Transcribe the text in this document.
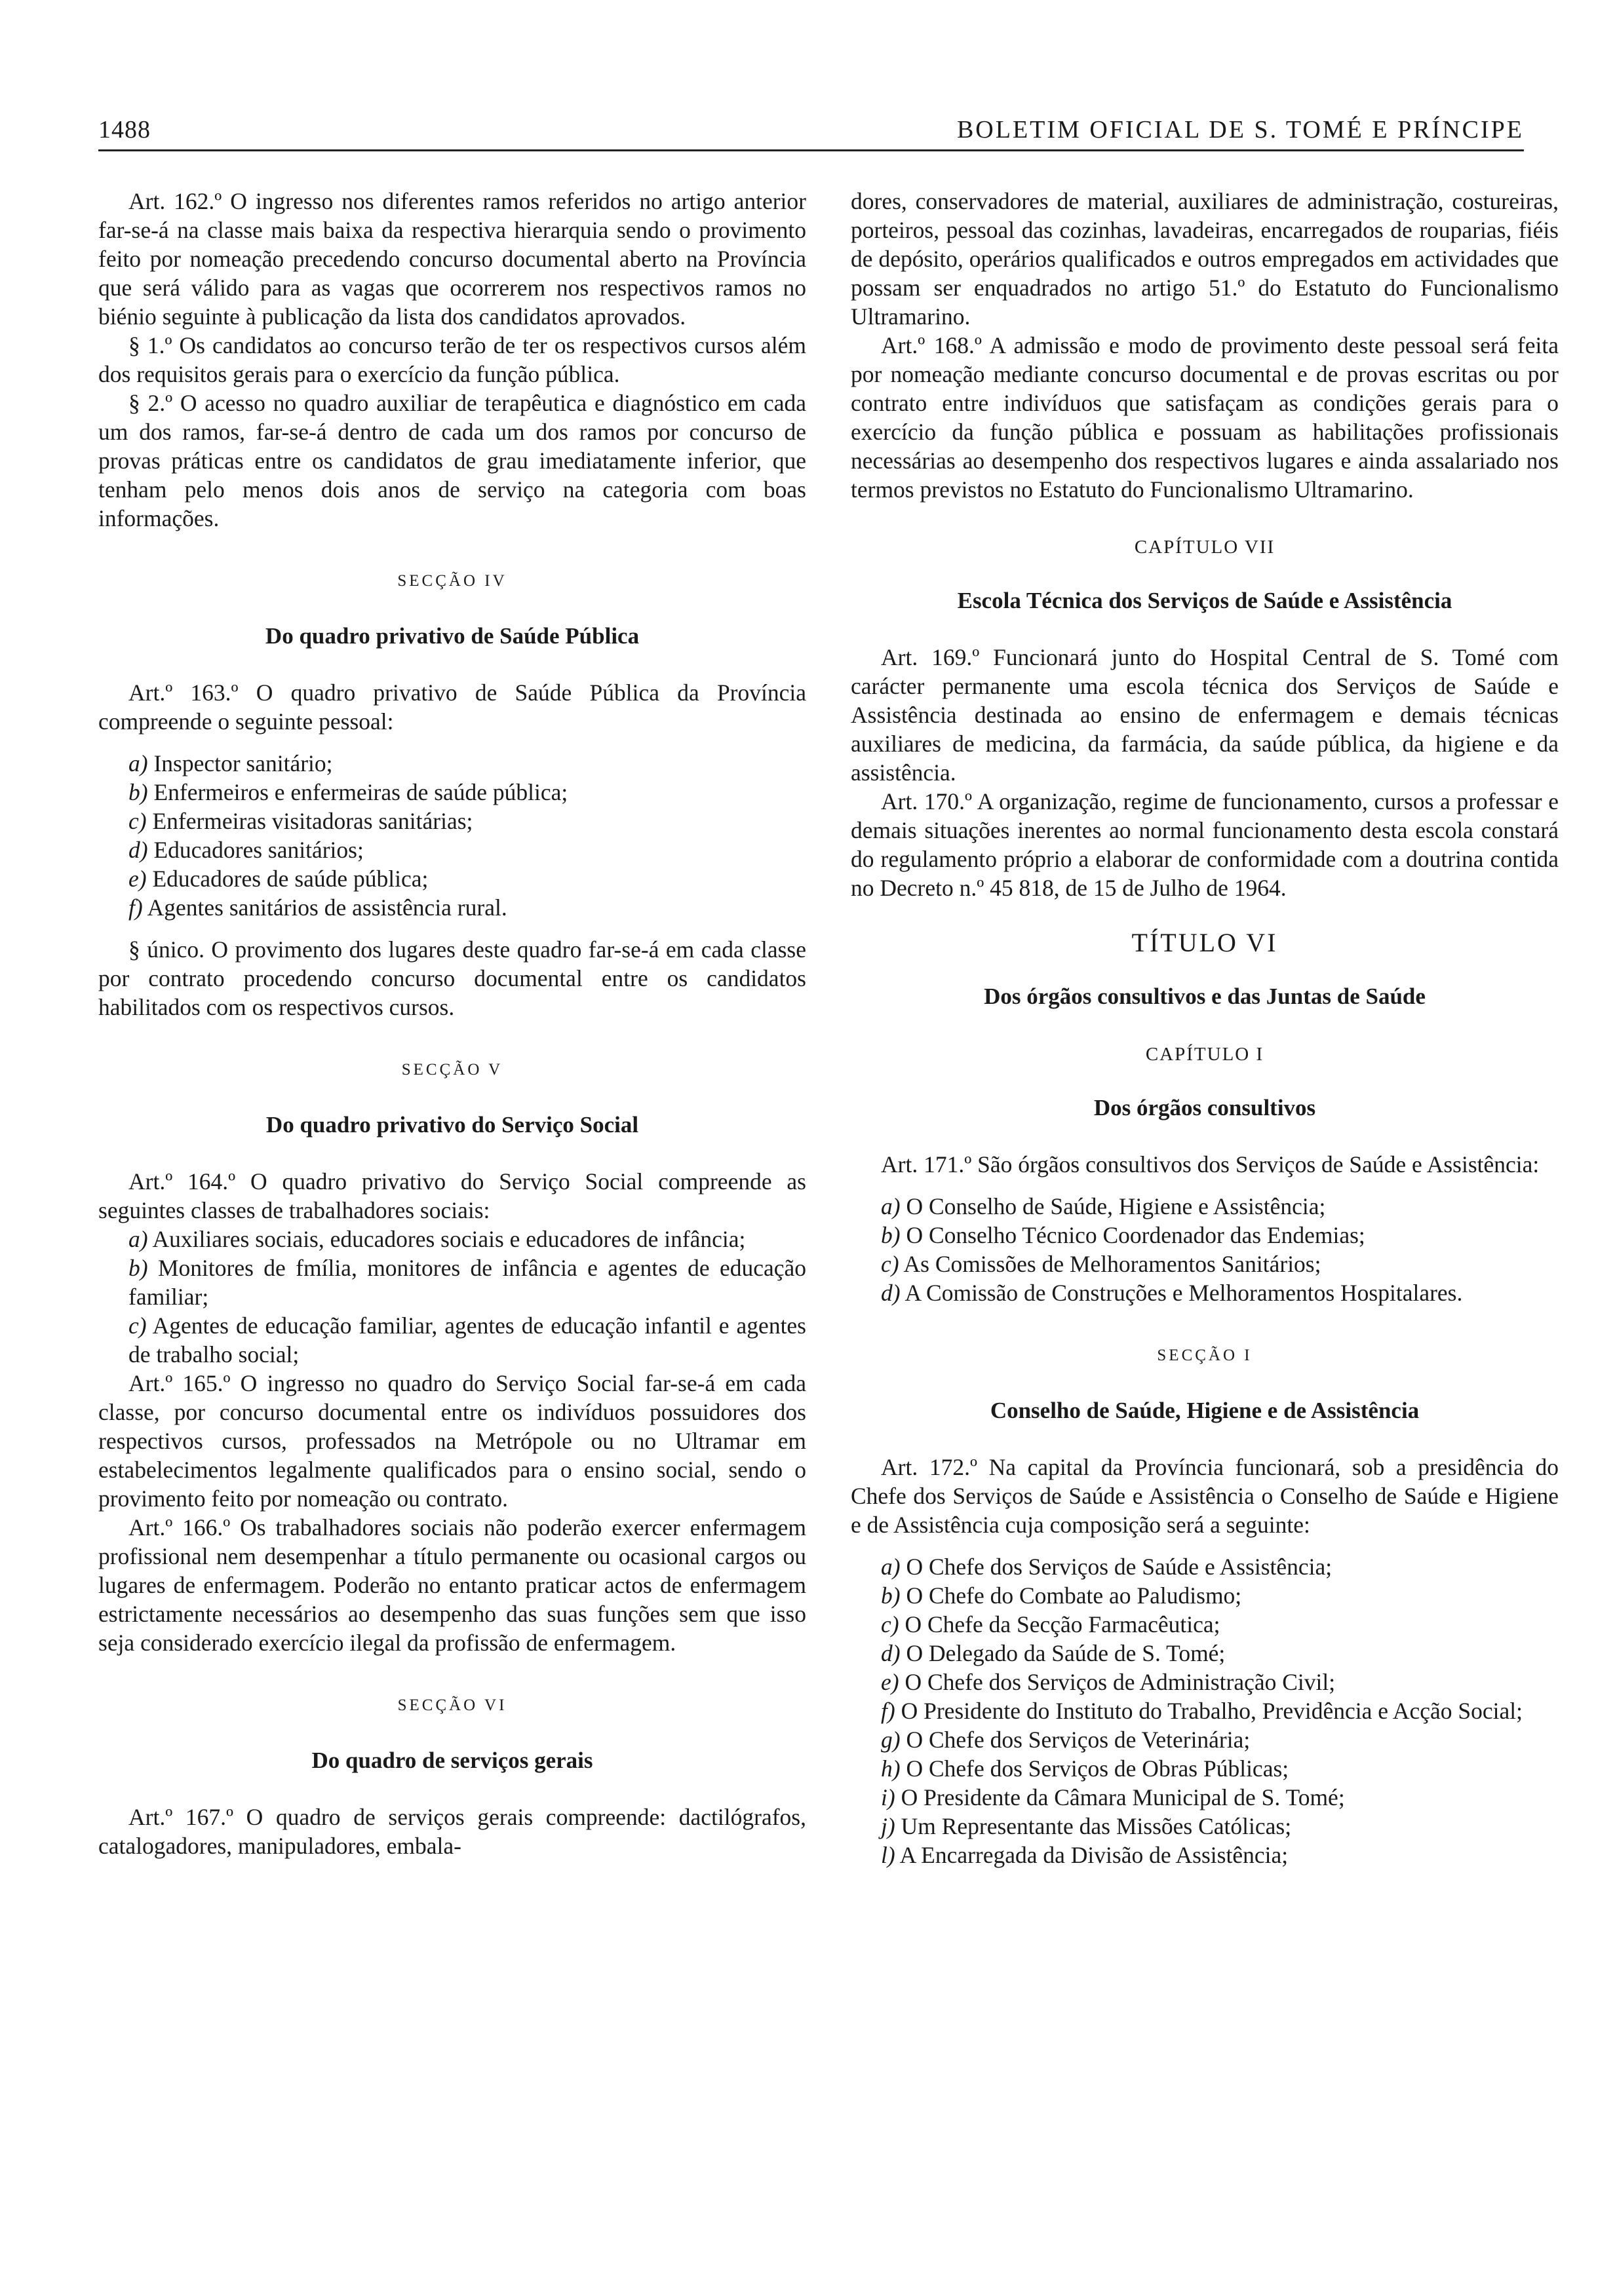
1488	BOLETIM OFICIAL DE S. TOMÉ E PRÍNCIPE

Art. 162.º O ingresso nos diferentes ramos referidos no artigo anterior far-se-á na classe mais baixa da respectiva hierarquia sendo o provimento feito por nomeação precedendo concurso documental aberto na Província que será válido para as vagas que ocorrerem nos respectivos ramos no biénio seguinte à publicação da lista dos candidatos aprovados.

§ 1.º Os candidatos ao concurso terão de ter os respectivos cursos além dos requisitos gerais para o exercício da função pública.

§ 2.º O acesso no quadro auxiliar de terapêutica e diagnóstico em cada um dos ramos, far-se-á dentro de cada um dos ramos por concurso de provas práticas entre os candidatos de grau imediatamente inferior, que tenham pelo menos dois anos de serviço na categoria com boas informações.

SECÇÃO IV
Do quadro privativo de Saúde Pública

Art.º 163.º O quadro privativo de Saúde Pública da Província compreende o seguinte pessoal:

a) Inspector sanitário;
b) Enfermeiros e enfermeiras de saúde pública;
c) Enfermeiras visitadoras sanitárias;
d) Educadores sanitários;
e) Educadores de saúde pública;
f) Agentes sanitários de assistência rural.

§ único. O provimento dos lugares deste quadro far-se-á em cada classe por contrato procedendo concurso documental entre os candidatos habilitados com os respectivos cursos.

SECÇÃO V
Do quadro privativo do Serviço Social

Art.º 164.º O quadro privativo do Serviço Social compreende as seguintes classes de trabalhadores sociais:

a) Auxiliares sociais, educadores sociais e educadores de infância;
b) Monitores de fmília, monitores de infância e agentes de educação familiar;
c) Agentes de educação familiar, agentes de educação infantil e agentes de trabalho social;

Art.º 165.º O ingresso no quadro do Serviço Social far-se-á em cada classe, por concurso documental entre os indivíduos possuidores dos respectivos cursos, professados na Metrópole ou no Ultramar em estabelecimentos legalmente qualificados para o ensino social, sendo o provimento feito por nomeação ou contrato.

Art.º 166.º Os trabalhadores sociais não poderão exercer enfermagem profissional nem desempenhar a título permanente ou ocasional cargos ou lugares de enfermagem. Poderão no entanto praticar actos de enfermagem estrictamente necessários ao desempenho das suas funções sem que isso seja considerado exercício ilegal da profissão de enfermagem.

SECÇÃO VI
Do quadro de serviços gerais

Art.º 167.º O quadro de serviços gerais compreende: dactilógrafos, catalogadores, manipuladores, embala-

dores, conservadores de material, auxiliares de administração, costureiras, porteiros, pessoal das cozinhas, lavadeiras, encarregados de rouparias, fiéis de depósito, operários qualificados e outros empregados em actividades que possam ser enquadrados no artigo 51.º do Estatuto do Funcionalismo Ultramarino.

Art.º 168.º A admissão e modo de provimento deste pessoal será feita por nomeação mediante concurso documental e de provas escritas ou por contrato entre indivíduos que satisfaçam as condições gerais para o exercício da função pública e possuam as habilitações profissionais necessárias ao desempenho dos respectivos lugares e ainda assalariado nos termos previstos no Estatuto do Funcionalismo Ultramarino.

CAPÍTULO VII
Escola Técnica dos Serviços de Saúde e Assistência

Art. 169.º Funcionará junto do Hospital Central de S. Tomé com carácter permanente uma escola técnica dos Serviços de Saúde e Assistência destinada ao ensino de enfermagem e demais técnicas auxiliares de medicina, da farmácia, da saúde pública, da higiene e da assistência.

Art. 170.º A organização, regime de funcionamento, cursos a professar e demais situações inerentes ao normal funcionamento desta escola constará do regulamento próprio a elaborar de conformidade com a doutrina contida no Decreto n.º 45 818, de 15 de Julho de 1964.

TÍTULO VI
Dos órgãos consultivos e das Juntas de Saúde
CAPÍTULO I
Dos órgãos consultivos

Art. 171.º São órgãos consultivos dos Serviços de Saúde e Assistência:

a) O Conselho de Saúde, Higiene e Assistência;
b) O Conselho Técnico Coordenador das Endemias;
c) As Comissões de Melhoramentos Sanitários;
d) A Comissão de Construções e Melhoramentos Hospitalares.
SECÇÃO I
Conselho de Saúde, Higiene e de Assistência

Art. 172.º Na capital da Província funcionará, sob a presidência do Chefe dos Serviços de Saúde e Assistência o Conselho de Saúde e Higiene e de Assistência cuja composição será a seguinte:

a) O Chefe dos Serviços de Saúde e Assistência;
b) O Chefe do Combate ao Paludismo;
c) O Chefe da Secção Farmacêutica;
d) O Delegado da Saúde de S. Tomé;
e) O Chefe dos Serviços de Administração Civil;
f) O Presidente do Instituto do Trabalho, Previdência e Acção Social;
g) O Chefe dos Serviços de Veterinária;
h) O Chefe dos Serviços de Obras Públicas;
i) O Presidente da Câmara Municipal de S. Tomé;
j) Um Representante das Missões Católicas;
l) A Encarregada da Divisão de Assistência;
